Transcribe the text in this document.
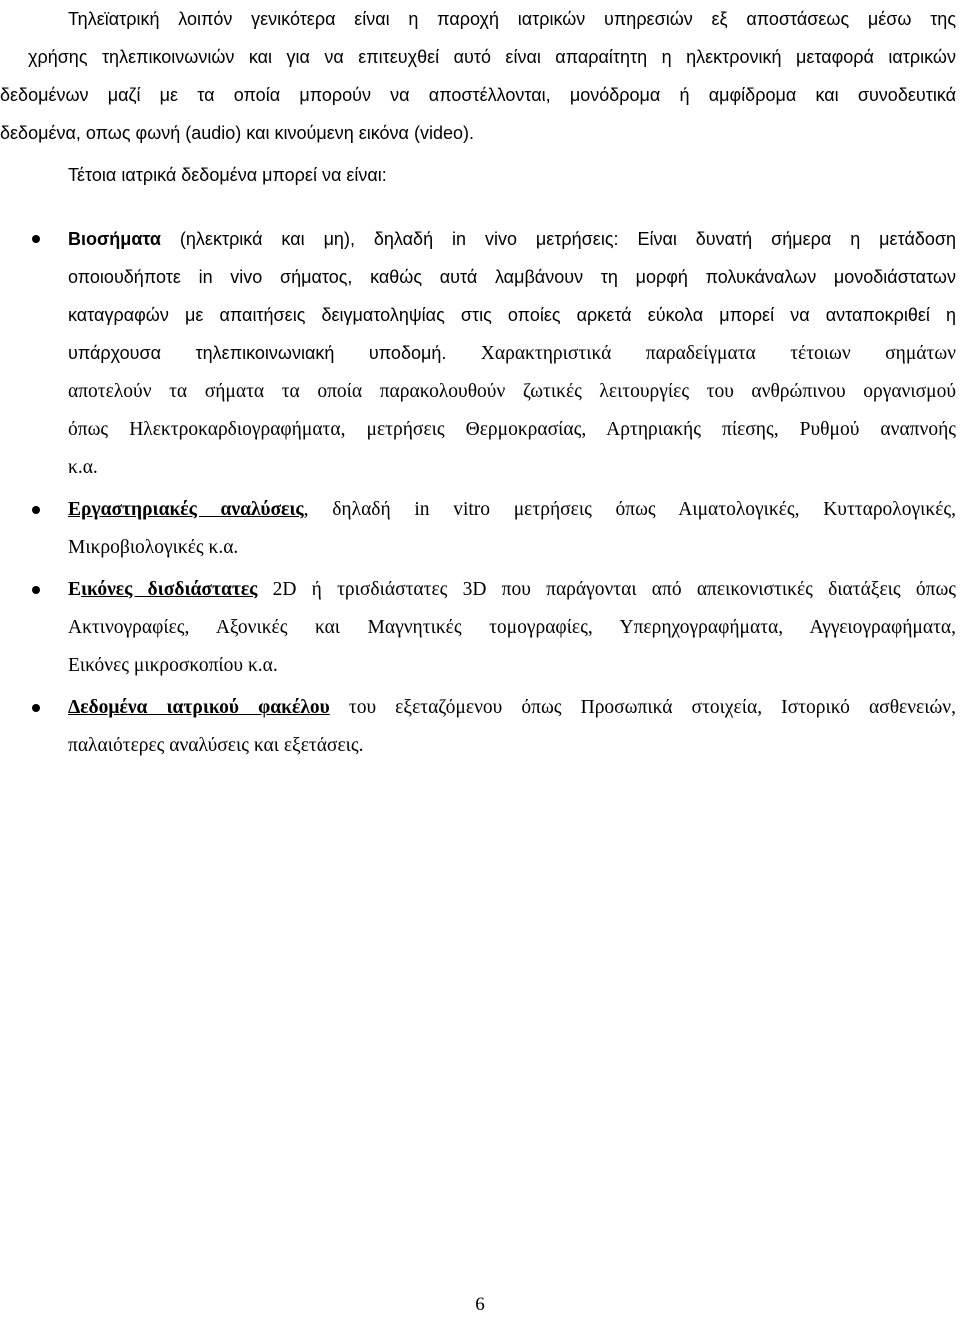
Τηλεϊατρική λοιπόν γενικότερα είναι η παροχή ιατρικών υπηρεσιών εξ αποστάσεως μέσω της
χρήσης τηλεπικοινωνιών και για να επιτευχθεί αυτό είναι απαραίτητη η ηλεκτρονική μεταφορά ιατρικών
δεδομένων μαζί με τα οποία μπορούν να αποστέλλονται, μονόδρομα ή αμφίδρομα και συνοδευτικά
δεδομένα, οπως φωνή (audio) και κινούμενη εικόνα (video).
Τέτοια ιατρικά δεδομένα μπορεί να είναι:
Βιοσήματα (ηλεκτρικά και μη), δηλαδή in vivo μετρήσεις: Είναι δυνατή σήμερα η μετάδοση
οποιουδήποτε in vivo σήματος, καθώς αυτά λαμβάνουν τη μορφή πολυκάναλων μονοδιάστατων
καταγραφών με απαιτήσεις δειγματοληψίας στις οποίες αρκετά εύκολα μπορεί να ανταποκριθεί η
υπάρχουσα τηλεπικοινωνιακή υποδομή. Χαρακτηριστικά παραδείγματα τέτοιων σημάτων
αποτελούν τα σήματα τα οποία παρακολουθούν ζωτικές λειτουργίες του ανθρώπινου οργανισμού
όπως Ηλεκτροκαρδιογραφήματα, μετρήσεις Θερμοκρασίας, Αρτηριακής πίεσης, Ρυθμού αναπνοής
κ.α.
Εργαστηριακές αναλύσεις, δηλαδή in vitro μετρήσεις όπως Αιματολογικές, Κυτταρολογικές,
Μικροβιολογικές κ.α.
Εικόνες δισδιάστατες 2D ή τρισδιάστατες 3D που παράγονται από απεικονιστικές διατάξεις όπως
Ακτινογραφίες, Αξονικές και Μαγνητικές τομογραφίες, Υπερηχογραφήματα, Αγγειογραφήματα,
Εικόνες μικροσκοπίου κ.α.
Δεδομένα ιατρικού φακέλου του εξεταζόμενου όπως Προσωπικά στοιχεία, Ιστορικό ασθενειών,
παλαιότερες αναλύσεις και εξετάσεις.
6
